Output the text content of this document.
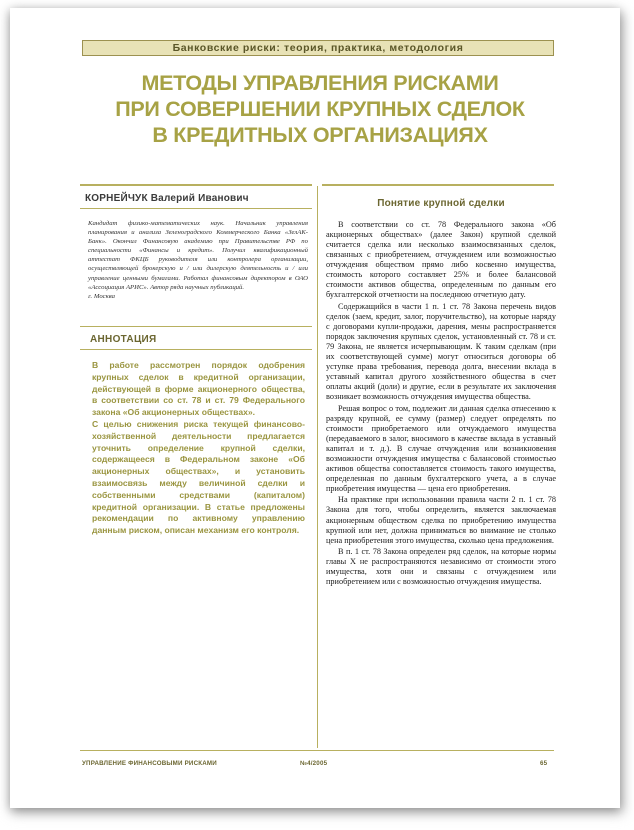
Банковские риски: теория, практика, методология
МЕТОДЫ УПРАВЛЕНИЯ РИСКАМИ
ПРИ СОВЕРШЕНИИ КРУПНЫХ СДЕЛОК
В КРЕДИТНЫХ ОРГАНИЗАЦИЯХ
КОРНЕЙЧУК Валерий Иванович
Кандидат физико-математических наук. Начальник управления планирования и анализа Зеленоградского Коммерческого Банка «ЗелАК-Банк». Окончил Финансовую академию при Правительстве РФ по специальности «Финансы и кредит». Получил квалификационный аттестат ФКЦБ руководителя или контролера организации, осуществляющей брокерскую и / или дилерскую деятельность и / или управление ценными бумагами. Работал финансовым директором в ОАО «Ассоциация АРИС». Автор ряда научных публикаций.
г. Москва
АННОТАЦИЯ

В работе рассмотрен порядок одобрения крупных сделок в кредитной организации, действующей в форме акционерного общества, в соответствии со ст. 78 и ст. 79 Федерального закона «Об акционерных обществах».

С целью снижения риска текущей финансово-хозяйственной деятельности предлагается уточнить определение крупной сделки, содержащееся в Федеральном законе «Об акционерных обществах», и установить взаимосвязь между величиной сделки и собственными средствами (капиталом) кредитной организации. В статье предложены рекомендации по активному управлению данным риском, описан механизм его контроля.

Понятие крупной сделки

В соответствии со ст. 78 Федерального закона «Об акционерных обществах» (далее Закон) крупной сделкой считается сделка или несколько взаимосвязанных сделок, связанных с приобретением, отчуждением или возможностью отчуждения обществом прямо либо косвенно имущества, стоимость которого составляет 25% и более балансовой стоимости активов общества, определенным по данным его бухгалтерской отчетности на последнюю отчетную дату.

Содержащийся в части 1 п. 1 ст. 78 Закона перечень видов сделок (заем, кредит, залог, поручительство), на которые наряду с договорами купли-продажи, дарения, мены распространяется порядок заключения крупных сделок, установленный ст. 78 и ст. 79 Закона, не является исчерпывающим. К таким сделкам (при их соответствующей сумме) могут относиться договоры об уступке права требования, перевода долга, внесении вклада в уставный капитал другого хозяйственного общества в счет оплаты акций (доли) и другие, если в результате их заключения возникает возможность отчуждения имущества общества.

Решая вопрос о том, подлежит ли данная сделка отнесению к разряду крупной, ее сумму (размер) следует определять по стоимости приобретаемого или отчуждаемого имущества (передаваемого в залог, вносимого в качестве вклада в уставный капитал и т. д.). В случае отчуждения или возникновения возможности отчуждения имущества с балансовой стоимостью активов общества сопоставляется стоимость такого имущества, определенная по данным бухгалтерского учета, а в случае приобретения имущества — цена его приобретения.

На практике при использовании правила части 2 п. 1 ст. 78 Закона для того, чтобы определить, является заключаемая акционерным обществом сделка по приобретению имущества крупной или нет, должна приниматься во внимание не столько цена приобретения этого имущества, сколько цена предложения.

В п. 1 ст. 78 Закона определен ряд сделок, на которые нормы главы X не распространяются независимо от стоимости этого имущества, хотя они и связаны с отчуждением или приобретением или с возможностью отчуждения имущества.

УПРАВЛЕНИЕ ФИНАНСОВЫМИ РИСКАМИ	№4/2005	65
